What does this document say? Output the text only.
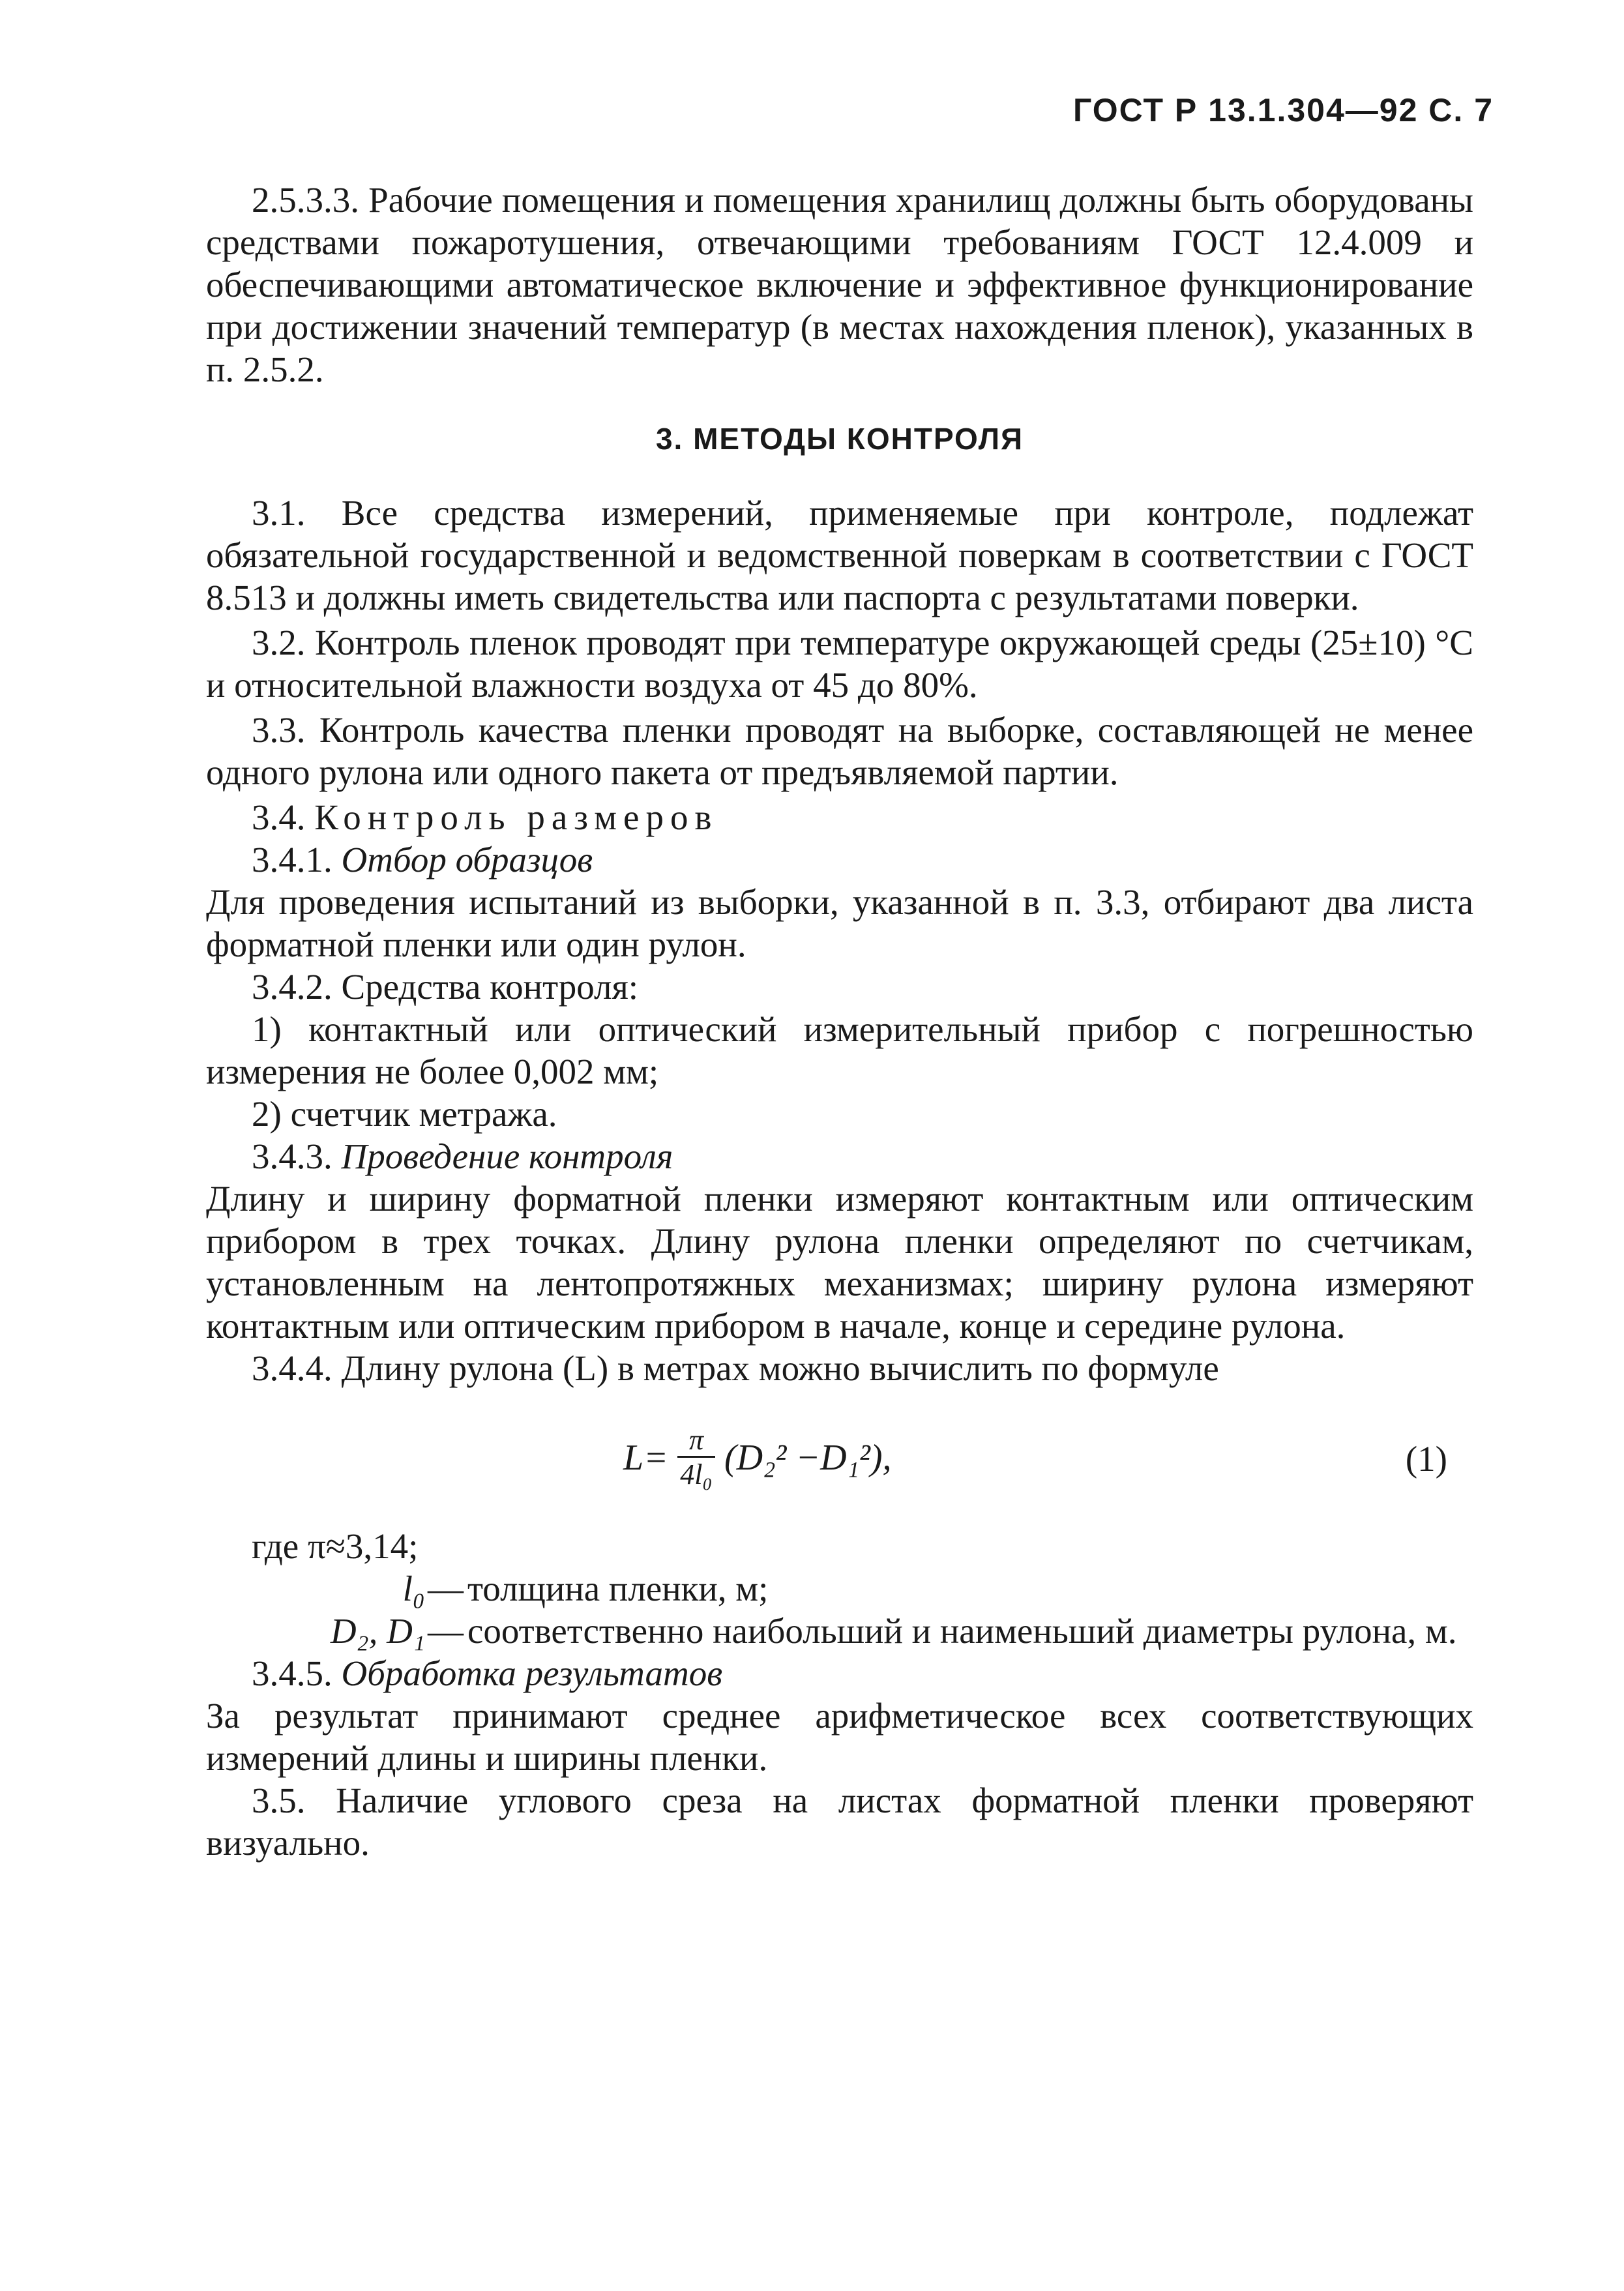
ГОСТ Р 13.1.304—92 С. 7

2.5.3.3. Рабочие помещения и помещения хранилищ должны быть оборудованы средствами пожаротушения, отвечающими требованиям ГОСТ 12.4.009 и обеспечивающими автоматическое включение и эффективное функционирование при достижении значений температур (в местах нахождения пленок), указанных в п. 2.5.2.

3. МЕТОДЫ КОНТРОЛЯ

3.1. Все средства измерений, применяемые при контроле, подлежат обязательной государственной и ведомственной поверкам в соответствии с ГОСТ 8.513 и должны иметь свидетельства или паспорта с результатами поверки.

3.2. Контроль пленок проводят при температуре окружающей среды (25±10) °С и относительной влажности воздуха от 45 до 80%.

3.3. Контроль качества пленки проводят на выборке, составляющей не менее одного рулона или одного пакета от предъявляемой партии.

3.4. Контроль размеров

3.4.1. Отбор образцов

Для проведения испытаний из выборки, указанной в п. 3.3, отбирают два листа форматной пленки или один рулон.

3.4.2. Средства контроля:

1) контактный или оптический измерительный прибор с погрешностью измерения не более 0,002 мм;

2) счетчик метража.

3.4.3. Проведение контроля

Длину и ширину форматной пленки измеряют контактным или оптическим прибором в трех точках. Длину рулона пленки определяют по счетчикам, установленным на лентопротяжных механизмах; ширину рулона измеряют контактным или оптическим прибором в начале, конце и середине рулона.

3.4.4. Длину рулона (L) в метрах можно вычислить по формуле

$L= \frac{\pi}{\text{4l₀}} (D_2^2 -D_1^2)$,	(1)

где π≈3,14;

l₀ — толщина пленки, м;
D₂, D₁ — соответственно наибольший и наименьший диаметры рулона, м.

3.4.5. Обработка результатов

За результат принимают среднее арифметическое всех соответствующих измерений длины и ширины пленки.

3.5. Наличие углового среза на листах форматной пленки проверяют визуально.
